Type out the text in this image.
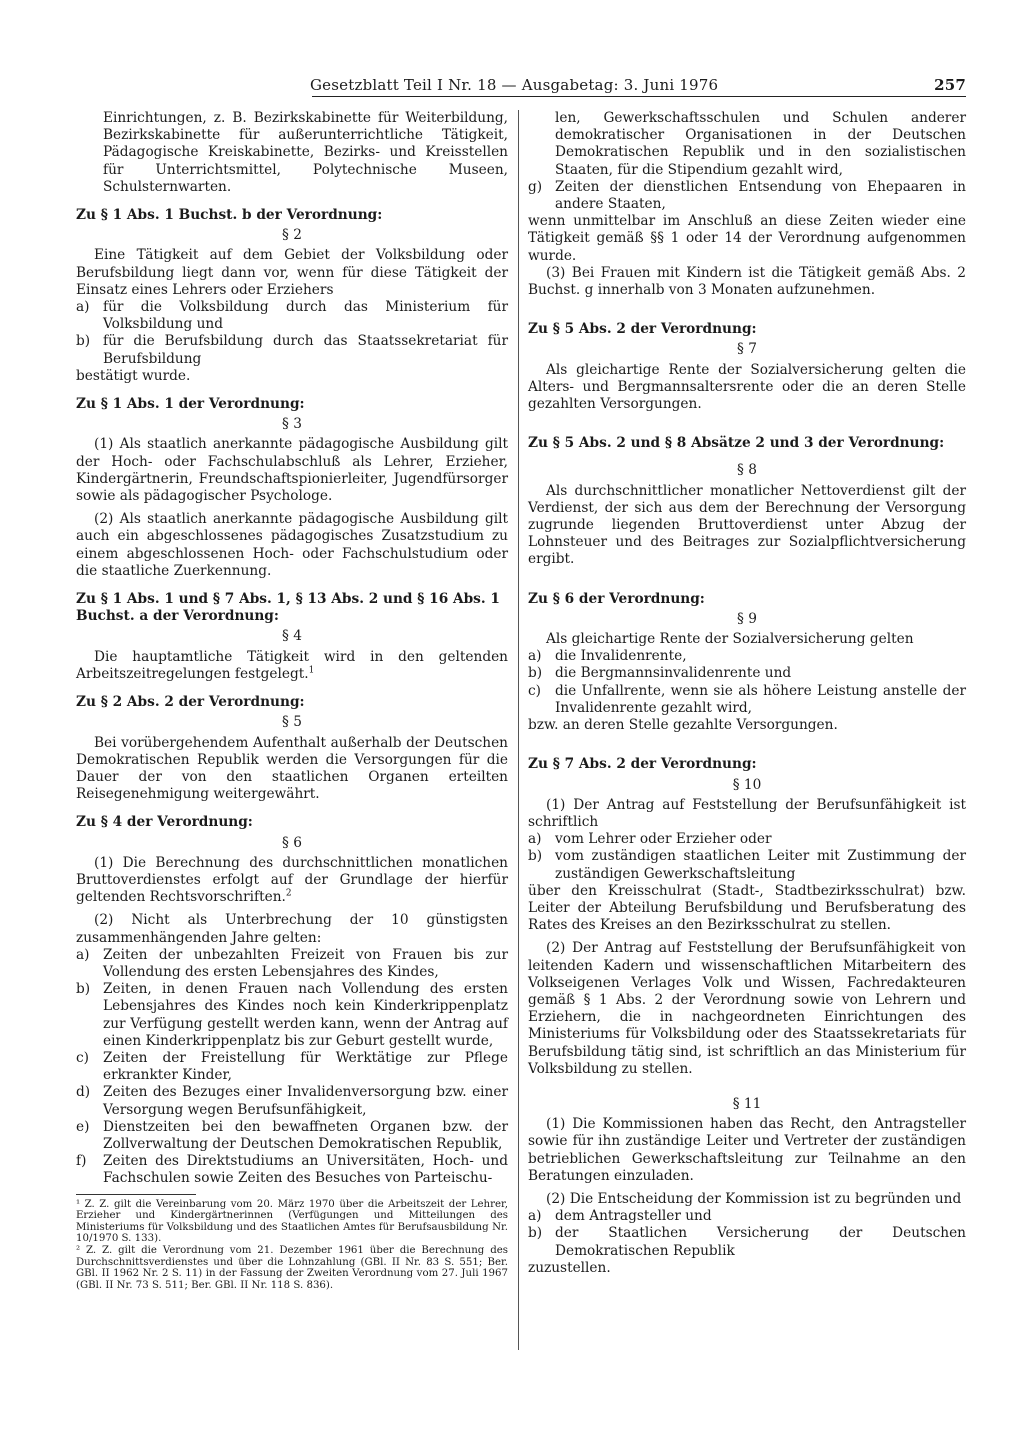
Gesetzblatt Teil I Nr. 18 — Ausgabetag: 3. Juni 1976	257

Einrichtungen, z. B. Bezirkskabinette für Weiterbildung, Bezirkskabinette für außerunterrichtliche Tätigkeit, Pädagogische Kreiskabinette, Bezirks- und Kreisstellen für Unterrichtsmittel, Polytechnische Museen, Schulsternwarten.

Zu § 1 Abs. 1 Buchst. b der Verordnung:

§ 2

Eine Tätigkeit auf dem Gebiet der Volksbildung oder Berufsbildung liegt dann vor, wenn für diese Tätigkeit der Einsatz eines Lehrers oder Erziehers

a) für die Volksbildung durch das Ministerium für Volksbildung und
b) für die Berufsbildung durch das Staatssekretariat für Berufsbildung

bestätigt wurde.

Zu § 1 Abs. 1 der Verordnung:

§ 3

(1) Als staatlich anerkannte pädagogische Ausbildung gilt der Hoch- oder Fachschulabschluß als Lehrer, Erzieher, Kindergärtnerin, Freundschaftspionierleiter, Jugendfürsorger sowie als pädagogischer Psychologe.

(2) Als staatlich anerkannte pädagogische Ausbildung gilt auch ein abgeschlossenes pädagogisches Zusatzstudium zu einem abgeschlossenen Hoch- oder Fachschulstudium oder die staatliche Zuerkennung.

Zu § 1 Abs. 1 und § 7 Abs. 1, § 13 Abs. 2 und § 16 Abs. 1 Buchst. a der Verordnung:

§ 4

Die hauptamtliche Tätigkeit wird in den geltenden Arbeitszeitregelungen festgelegt.$^1$

Zu § 2 Abs. 2 der Verordnung:

§ 5

Bei vorübergehendem Aufenthalt außerhalb der Deutschen Demokratischen Republik werden die Versorgungen für die Dauer der von den staatlichen Organen erteilten Reisegenehmigung weitergewährt.

Zu § 4 der Verordnung:

§ 6

(1) Die Berechnung des durchschnittlichen monatlichen Bruttoverdienstes erfolgt auf der Grundlage der hierfür geltenden Rechtsvorschriften.$^2$

(2) Nicht als Unterbrechung der 10 günstigsten zusammenhängenden Jahre gelten:

a) Zeiten der unbezahlten Freizeit von Frauen bis zur Vollendung des ersten Lebensjahres des Kindes,
b) Zeiten, in denen Frauen nach Vollendung des ersten Lebensjahres des Kindes noch kein Kinderkrippenplatz zur Verfügung gestellt werden kann, wenn der Antrag auf einen Kinderkrippenplatz bis zur Geburt gestellt wurde,
c)	Zeiten der Freistellung für Werktätige zur Pflege erkrankter Kinder,
d) Zeiten des Bezuges einer Invalidenversorgung bzw. einer Versorgung wegen Berufsunfähigkeit,
e) Dienstzeiten bei den bewaffneten Organen bzw. der Zollverwaltung der Deutschen Demokratischen Republik,
f)	Zeiten des Direktstudiums an Universitäten, Hoch- und Fachschulen sowie Zeiten des Besuches von Parteischu-

¹ Z. Z. gilt die Vereinbarung vom 20. März 1970 über die Arbeitszeit der Lehrer, Erzieher und Kindergärtnerinnen (Verfügungen und Mitteilungen des Ministeriums für Volksbildung und des Staatlichen Amtes für Berufsausbildung Nr. 10/1970 S. 133).

² Z. Z. gilt die Verordnung vom 21. Dezember 1961 über die Berechnung des Durchschnittsverdienstes und über die Lohnzahlung (GBl. II Nr. 83 S. 551; Ber. GBl. II 1962 Nr. 2 S. 11) in der Fassung der Zweiten Verordnung vom 27. Juli 1967 (GBl. II Nr. 73 S. 511; Ber. GBl. II Nr. 118 S. 836).

len, Gewerkschaftsschulen und Schulen anderer demokratischer Organisationen in der Deutschen Demokratischen Republik und in den sozialistischen Staaten, für die Stipendium gezahlt wird,

g) Zeiten der dienstlichen Entsendung von Ehepaaren in andere Staaten,

wenn unmittelbar im Anschluß an diese Zeiten wieder eine Tätigkeit gemäß §§ 1 oder 14 der Verordnung aufgenommen wurde.

(3) Bei Frauen mit Kindern ist die Tätigkeit gemäß Abs. 2 Buchst. g innerhalb von 3 Monaten aufzunehmen.

Zu § 5 Abs. 2 der Verordnung:

§ 7

Als gleichartige Rente der Sozialversicherung gelten die Alters- und Bergmannsaltersrente oder die an deren Stelle gezahlten Versorgungen.

Zu § 5 Abs. 2 und § 8 Absätze 2 und 3 der Verordnung:

§ 8

Als durchschnittlicher monatlicher Nettoverdienst gilt der Verdienst, der sich aus dem der Berechnung der Versorgung zugrunde liegenden Bruttoverdienst unter Abzug der Lohnsteuer und des Beitrages zur Sozialpflichtversicherung ergibt.

Zu § 6 der Verordnung:

§ 9

Als gleichartige Rente der Sozialversicherung gelten

a) die Invalidenrente,
b) die Bergmannsinvalidenrente und
c)	die Unfallrente, wenn sie als höhere Leistung anstelle der Invalidenrente gezahlt wird,

bzw. an deren Stelle gezahlte Versorgungen.

Zu § 7 Abs. 2 der Verordnung:

§ 10

(1) Der Antrag auf Feststellung der Berufsunfähigkeit ist schriftlich

a) vom Lehrer oder Erzieher oder
b) vom zuständigen staatlichen Leiter mit Zustimmung der zuständigen Gewerkschaftsleitung

über den Kreisschulrat (Stadt-, Stadtbezirksschulrat) bzw. Leiter der Abteilung Berufsbildung und Berufsberatung des Rates des Kreises an den Bezirksschulrat zu stellen.

(2) Der Antrag auf Feststellung der Berufsunfähigkeit von leitenden Kadern und wissenschaftlichen Mitarbeitern des Volkseigenen Verlages Volk und Wissen, Fachredakteuren gemäß § 1 Abs. 2 der Verordnung sowie von Lehrern und Erziehern, die in nachgeordneten Einrichtungen des Ministeriums für Volksbildung oder des Staatssekretariats für Berufsbildung tätig sind, ist schriftlich an das Ministerium für Volksbildung zu stellen.

§ 11

(1) Die Kommissionen haben das Recht, den Antragsteller sowie für ihn zuständige Leiter und Vertreter der zuständigen betrieblichen Gewerkschaftsleitung zur Teilnahme an den Beratungen einzuladen.

(2) Die Entscheidung der Kommission ist zu begründen und

a) dem Antragsteller und
b) der Staatlichen Versicherung der Deutschen Demokratischen Republik

zuzustellen.
